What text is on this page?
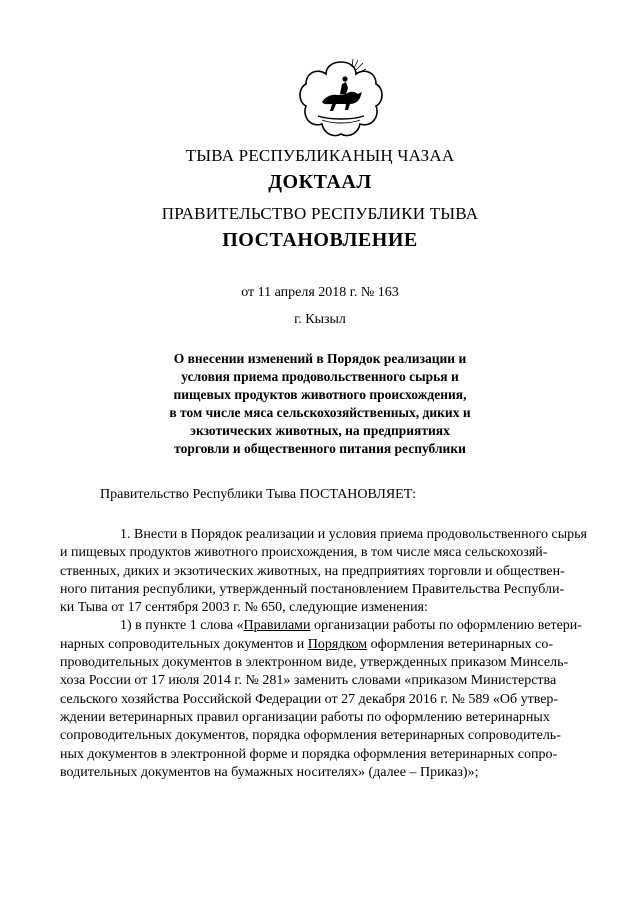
ТЫВА РЕСПУБЛИКАНЫҢ ЧАЗАА
ДОКТААЛ
ПРАВИТЕЛЬСТВО РЕСПУБЛИКИ ТЫВА
ПОСТАНОВЛЕНИЕ
от 11 апреля 2018 г. № 163
г. Кызыл
О внесении изменений в Порядок реализации и
условия приема продовольственного сырья и
пищевых продуктов животного происхождения,
в том числе мяса сельскохозяйственных, диких и
экзотических животных, на предприятиях
торговли и общественного питания республики
Правительство Республики Тыва ПОСТАНОВЛЯЕТ:
1. Внести в Порядок реализации и условия приема продовольственного сырья
и пищевых продуктов животного происхождения, в том числе мяса сельскохозяй-
ственных, диких и экзотических животных, на предприятиях торговли и обществен-
ного питания республики, утвержденный постановлением Правительства Республи-
ки Тыва от 17 сентября 2003 г. № 650, следующие изменения:
1) в пункте 1 слова «Правилами организации работы по оформлению ветери-
нарных сопроводительных документов и Порядком оформления ветеринарных со-
проводительных документов в электронном виде, утвержденных приказом Минсель-
хоза России от 17 июля 2014 г. № 281» заменить словами «приказом Министерства
сельского хозяйства Российской Федерации от 27 декабря 2016 г. № 589 «Об утвер-
ждении ветеринарных правил организации работы по оформлению ветеринарных
сопроводительных документов, порядка оформления ветеринарных сопроводитель-
ных документов в электронной форме и порядка оформления ветеринарных сопро-
водительных документов на бумажных носителях» (далее – Приказ)»;
